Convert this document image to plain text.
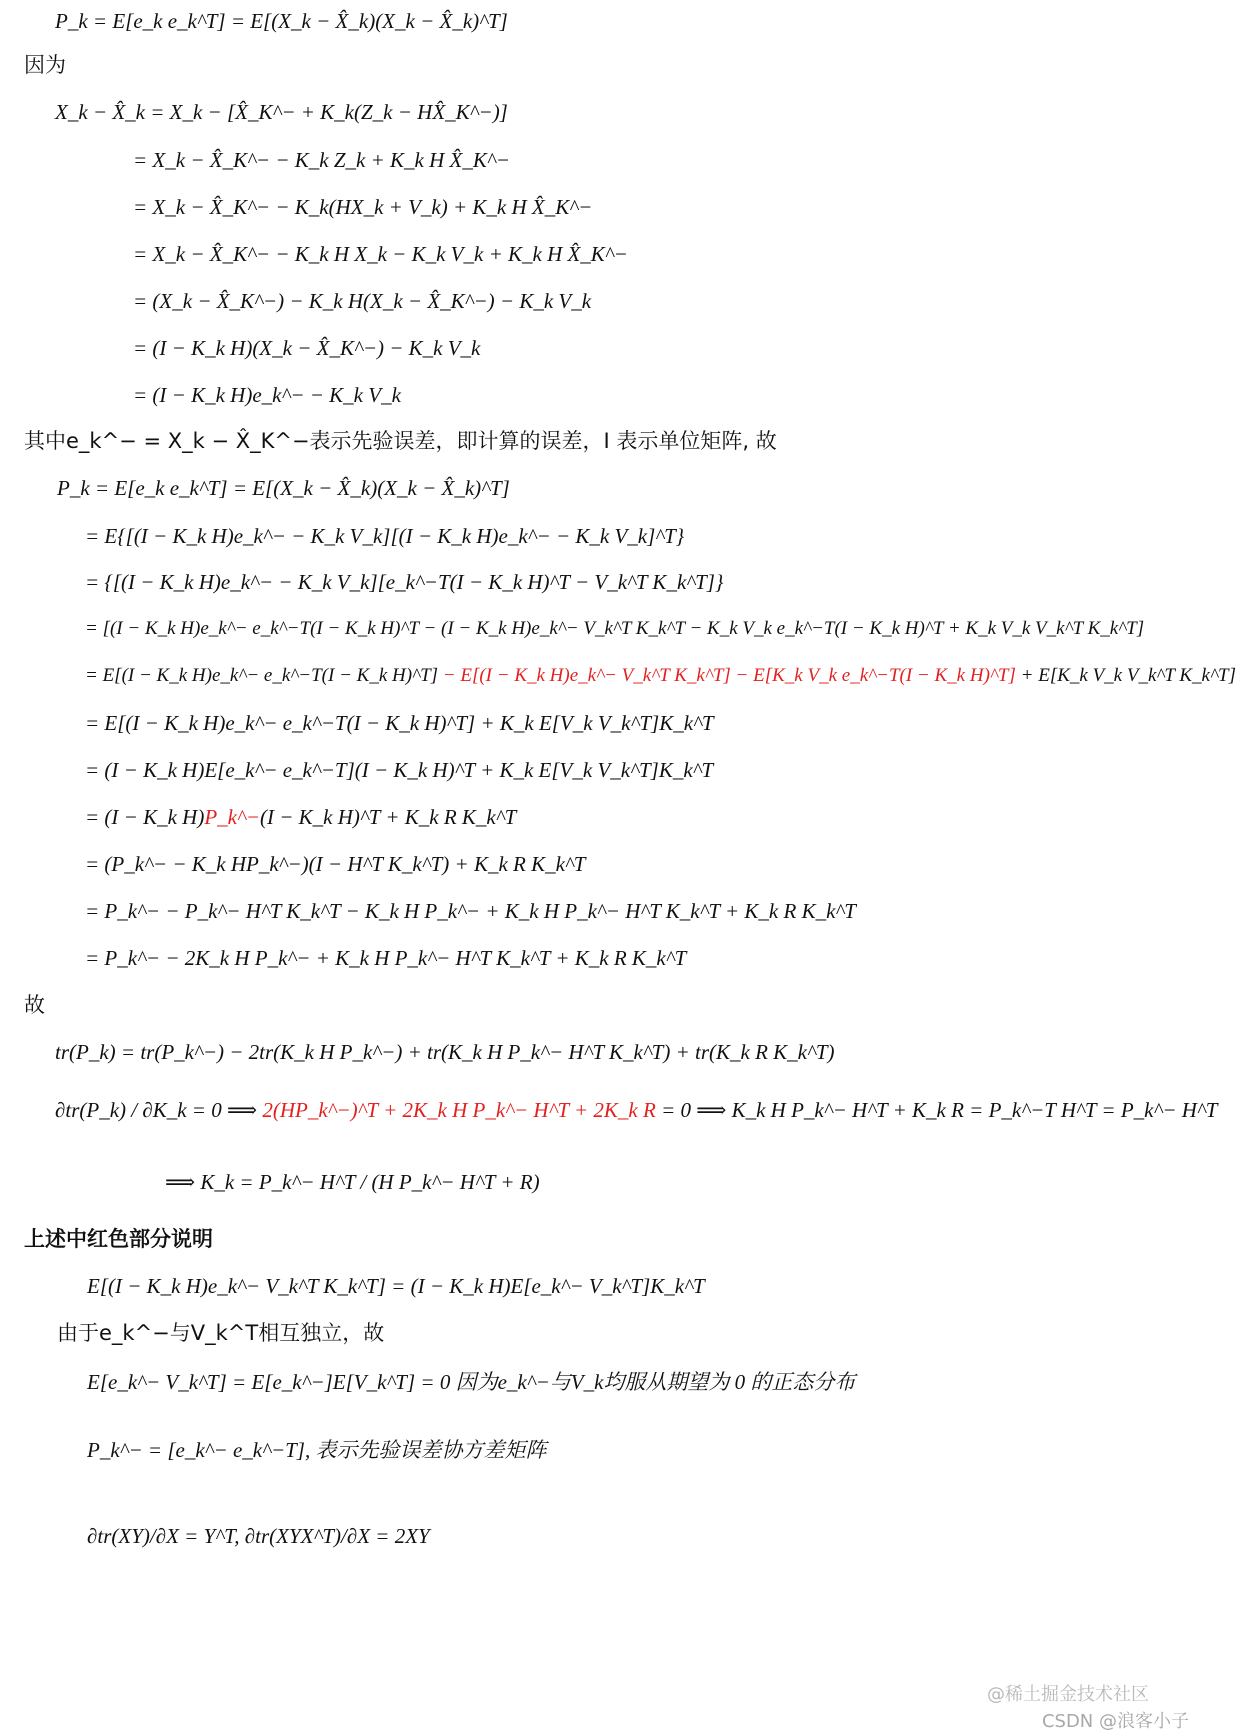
P_k = E[e_k e_k^T] = E[(X_k − X̂_k)(X_k − X̂_k)^T]
因为
X_k − X̂_k = X_k − [X̂_K^− + K_k(Z_k − HX̂_K^−)]
= X_k − X̂_K^− − K_k Z_k + K_k H X̂_K^−
= X_k − X̂_K^− − K_k(HX_k + V_k) + K_k H X̂_K^−
= X_k − X̂_K^− − K_k H X_k − K_k V_k + K_k H X̂_K^−
= (X_k − X̂_K^−) − K_k H(X_k − X̂_K^−) − K_k V_k
= (I − K_k H)(X_k − X̂_K^−) − K_k V_k
= (I − K_k H)e_k^− − K_k V_k
其中e_k^− = X_k − X̂_K^−表示先验误差，即计算的误差，I 表示单位矩阵, 故
P_k = E[e_k e_k^T] = E[(X_k − X̂_k)(X_k − X̂_k)^T]
= E{[(I − K_k H)e_k^− − K_k V_k][(I − K_k H)e_k^− − K_k V_k]^T}
= {[(I − K_k H)e_k^− − K_k V_k][e_k^−T(I − K_k H)^T − V_k^T K_k^T]}
= [(I − K_k H)e_k^− e_k^−T(I − K_k H)^T − (I − K_k H)e_k^− V_k^T K_k^T − K_k V_k e_k^−T(I − K_k H)^T + K_k V_k V_k^T K_k^T]
= E[(I − K_k H)e_k^− e_k^−T(I − K_k H)^T] − E[(I − K_k H)e_k^− V_k^T K_k^T] − E[K_k V_k e_k^−T(I − K_k H)^T] + E[K_k V_k V_k^T K_k^T]
= E[(I − K_k H)e_k^− e_k^−T(I − K_k H)^T] + K_k E[V_k V_k^T]K_k^T
= (I − K_k H)E[e_k^− e_k^−T](I − K_k H)^T + K_k E[V_k V_k^T]K_k^T
= (I − K_k H)P_k^−(I − K_k H)^T + K_k R K_k^T
= (P_k^− − K_k HP_k^−)(I − H^T K_k^T) + K_k R K_k^T
= P_k^− − P_k^− H^T K_k^T − K_k H P_k^− + K_k H P_k^− H^T K_k^T + K_k R K_k^T
= P_k^− − 2K_k H P_k^− + K_k H P_k^− H^T K_k^T + K_k R K_k^T
故
tr(P_k) = tr(P_k^−) − 2tr(K_k H P_k^−) + tr(K_k H P_k^− H^T K_k^T) + tr(K_k R K_k^T)
∂tr(P_k) / ∂K_k = 0 ⟹ 2(HP_k^−)^T + 2K_k H P_k^− H^T + 2K_k R = 0 ⟹ K_k H P_k^− H^T + K_k R = P_k^−T H^T = P_k^− H^T
⟹ K_k = P_k^− H^T / (H P_k^− H^T + R)
上述中红色部分说明
E[(I − K_k H)e_k^− V_k^T K_k^T] = (I − K_k H)E[e_k^− V_k^T]K_k^T
由于e_k^−与V_k^T相互独立，故
E[e_k^− V_k^T] = E[e_k^−]E[V_k^T] = 0 因为e_k^−与V_k均服从期望为 0 的正态分布
P_k^− = [e_k^− e_k^−T], 表示先验误差协方差矩阵
∂tr(XY)/∂X = Y^T, ∂tr(XYX^T)/∂X = 2XY
@稀土掘金技术社区
CSDN @浪客小子
